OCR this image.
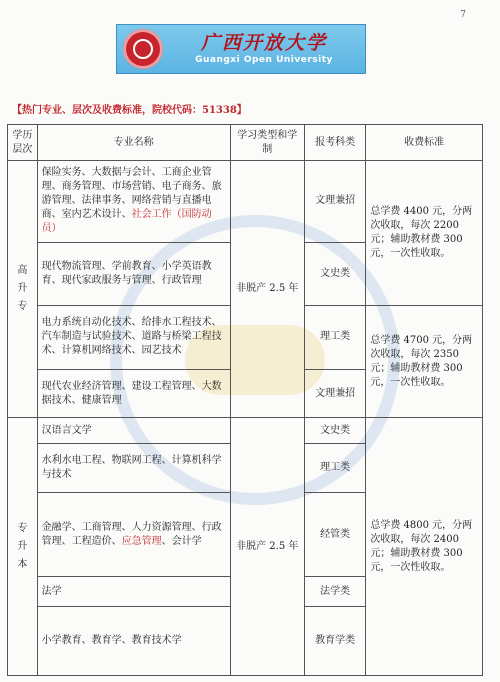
7
广西开放大学
Guangxi Open University
【热门专业、层次及收费标准，院校代码：51338】
学历层次	专业名称	学习类型和学制	报考科类	收费标准

高
升
专	保险实务、大数据与会计、工商企业管理、商务管理、市场营销、电子商务、旅游管理、法律事务、网络营销与直播电商、室内艺术设计、社会工作（国防动员）	非脱产 2.5 年	文理兼招	总学费 4400 元，分两次收取，每次 2200 元；辅助教材费 300 元，一次性收取。
	现代物流管理、学前教育、小学英语教育、现代家政服务与管理、行政管理		文史类	
	电力系统自动化技术、给排水工程技术、汽车制造与试验技术、道路与桥梁工程技术、计算机网络技术、园艺技术		理工类	总学费 4700 元，分两次收取，每次 2350 元；辅助教材费 300 元，一次性收取。
	现代农业经济管理、建设工程管理、大数据技术、健康管理		文理兼招	

专
升
本	汉语言文学	非脱产 2.5 年	文史类	总学费 4800 元，分两次收取，每次 2400 元；辅助教材费 300 元，一次性收取。
	水利水电工程、物联网工程、计算机科学与技术		理工类	
	金融学、工商管理、人力资源管理、行政管理、工程造价、应急管理、会计学		经管类	
	法学		法学类	
	小学教育、教育学、教育技术学		教育学类	
